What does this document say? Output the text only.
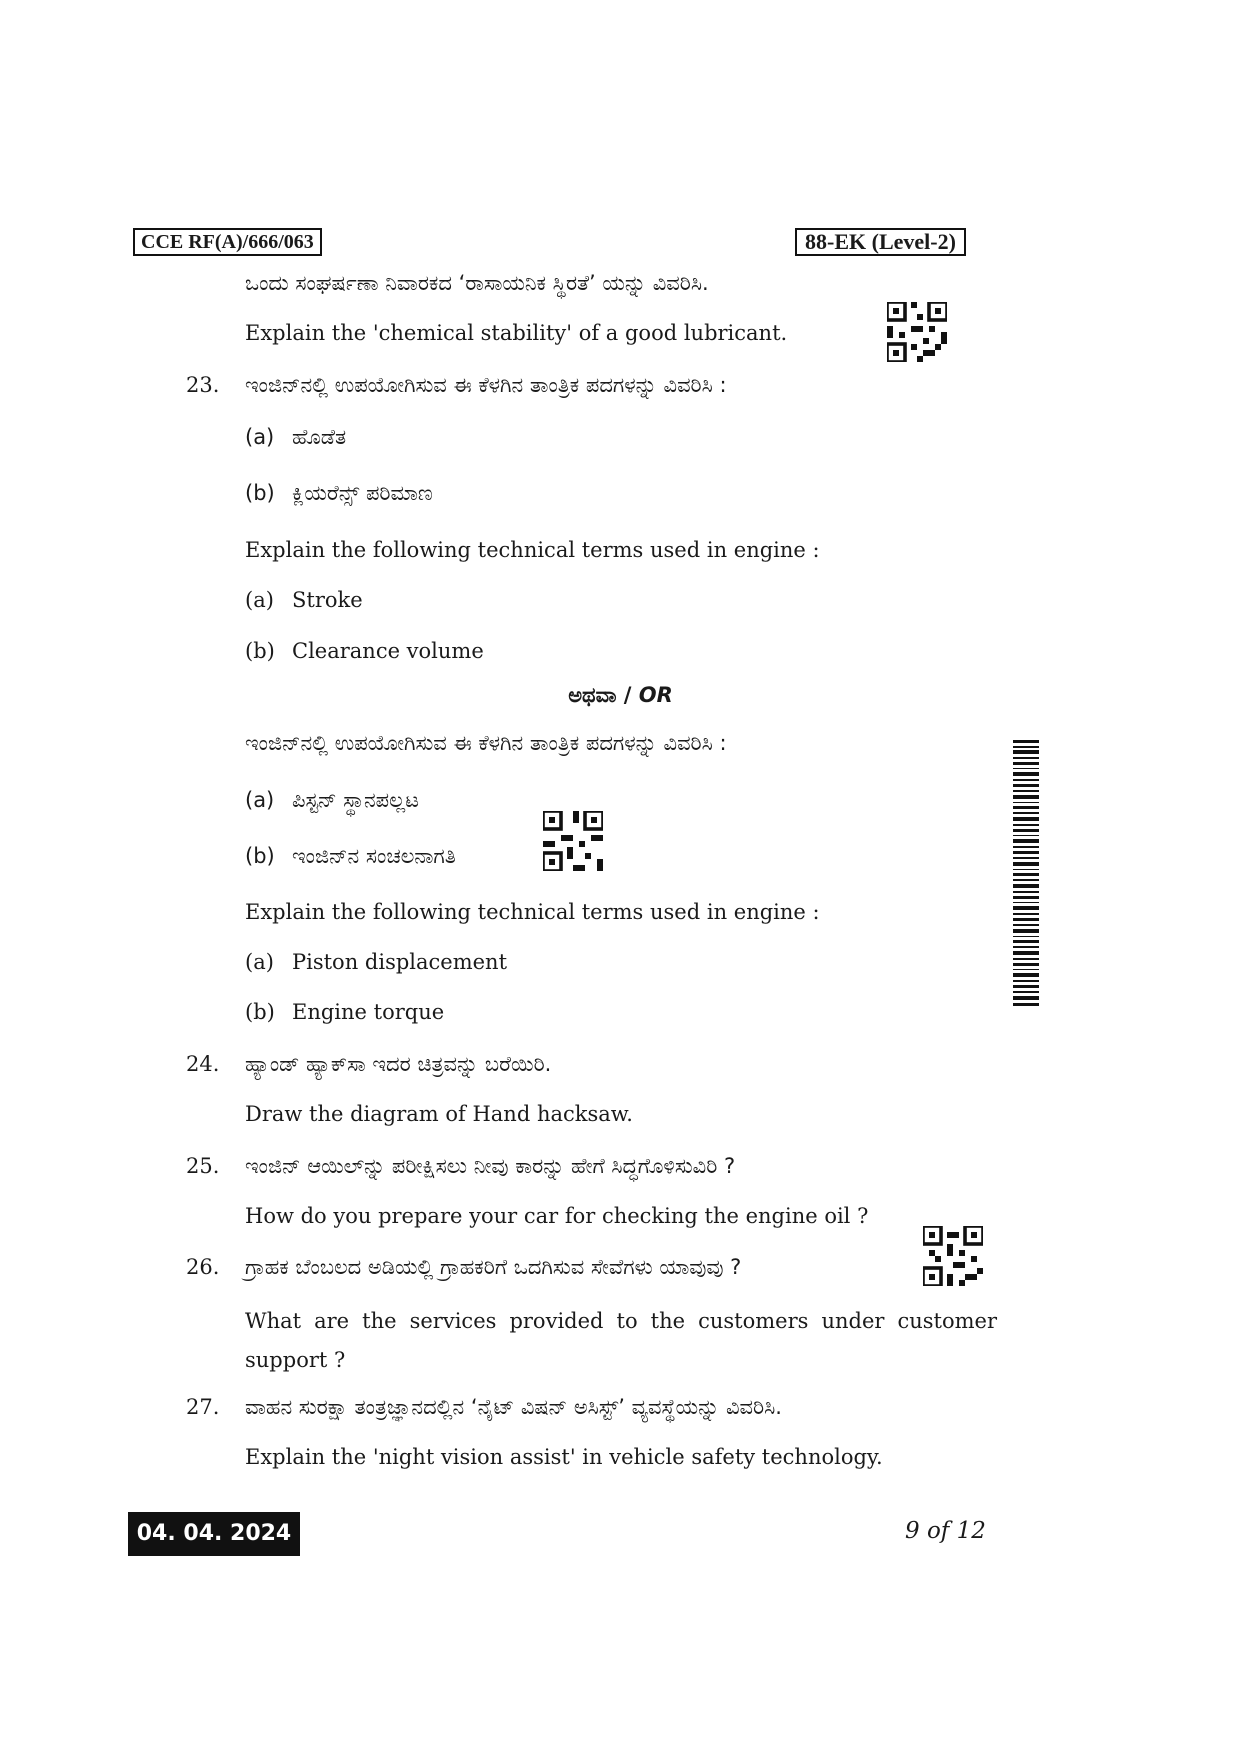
CCE RF(A)/666/063	88-EK (Level-2)
ಒಂದು ಸಂಘರ್ಷಣಾ ನಿವಾರಕದ ‘ರಾಸಾಯನಿಕ ಸ್ಥಿರತೆ’ ಯನ್ನು ವಿವರಿಸಿ.
Explain the 'chemical stability' of a good lubricant.
23. ಇಂಜಿನ್‌ನಲ್ಲಿ ಉಪಯೋಗಿಸುವ ಈ ಕೆಳಗಿನ ತಾಂತ್ರಿಕ ಪದಗಳನ್ನು ವಿವರಿಸಿ :
(a) ಹೊಡೆತ
(b) ಕ್ಲಿಯರೆನ್ಸ್ ಪರಿಮಾಣ
Explain the following technical terms used in engine :
(a) Stroke
(b) Clearance volume
ಅಥವಾ / OR
ಇಂಜಿನ್‌ನಲ್ಲಿ ಉಪಯೋಗಿಸುವ ಈ ಕೆಳಗಿನ ತಾಂತ್ರಿಕ ಪದಗಳನ್ನು ವಿವರಿಸಿ :
(a) ಪಿಸ್ಟನ್ ಸ್ಥಾನಪಲ್ಲಟ
(b) ಇಂಜಿನ್‌ನ ಸಂಚಲನಾಗತಿ
Explain the following technical terms used in engine :
(a) Piston displacement
(b) Engine torque
24. ಹ್ಯಾಂಡ್ ಹ್ಯಾಕ್‌ಸಾ ಇದರ ಚಿತ್ರವನ್ನು ಬರೆಯಿರಿ.
Draw the diagram of Hand hacksaw.
25. ಇಂಜಿನ್ ಆಯಿಲ್‌ನ್ನು ಪರೀಕ್ಷಿಸಲು ನೀವು ಕಾರನ್ನು ಹೇಗೆ ಸಿದ್ಧಗೊಳಿಸುವಿರಿ ?
How do you prepare your car for checking the engine oil ?
26. ಗ್ರಾಹಕ ಬೆಂಬಲದ ಅಡಿಯಲ್ಲಿ ಗ್ರಾಹಕರಿಗೆ ಒದಗಿಸುವ ಸೇವೆಗಳು ಯಾವುವು ?
What are the services provided to the customers under customer support ?
27. ವಾಹನ ಸುರಕ್ಷಾ ತಂತ್ರಜ್ಞಾನದಲ್ಲಿನ ‘ನೈಟ್ ವಿಷನ್ ಅಸಿಸ್ಟ್’ ವ್ಯವಸ್ಥೆಯನ್ನು ವಿವರಿಸಿ.
Explain the 'night vision assist' in vehicle safety technology.
04. 04. 2024	9 of 12
